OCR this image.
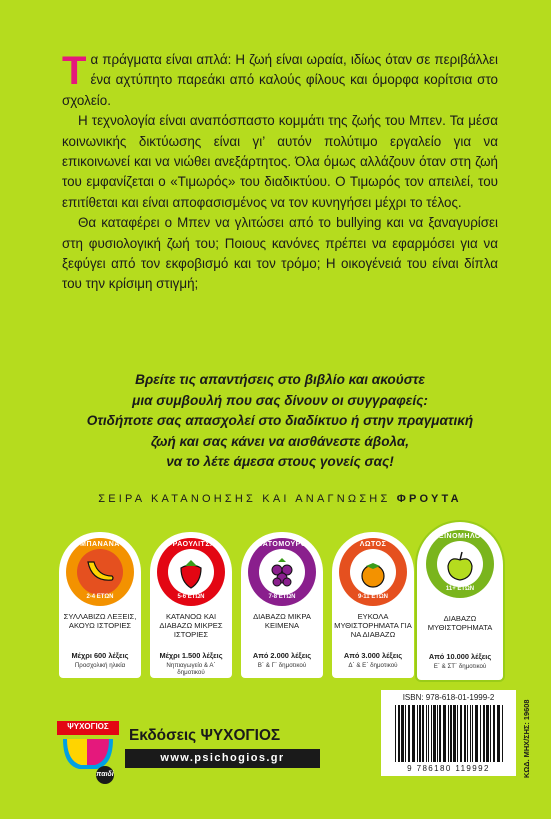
Τα πράγματα είναι απλά: Η ζωή είναι ωραία, ιδίως όταν σε περιβάλλει ένα αχτύπητο παρεάκι από καλούς φίλους και όμορφα κορίτσια στο σχολείο.

Η τεχνολογία είναι αναπόσπαστο κομμάτι της ζωής του Μπεν. Τα μέσα κοινωνικής δικτύωσης είναι γι’ αυτόν πολύτιμο εργαλείο για να επικοινωνεί και να νιώθει ανεξάρτητος. Όλα όμως αλλάζουν όταν στη ζωή του εμφανίζεται ο «Τιμωρός» του διαδικτύου. Ο Τιμωρός τον απειλεί, του επιτίθεται και είναι αποφασισμένος να τον κυνηγήσει μέχρι το τέλος.

Θα καταφέρει ο Μπεν να γλιτώσει από το bullying και να ξαναγυρίσει στη φυσιολογική ζωή του; Ποιους κανόνες πρέπει να εφαρμόσει για να ξεφύγει από τον εκφοβισμό και τον τρόμο; Η οικογένειά του είναι δίπλα του την κρίσιμη στιγμή;

Βρείτε τις απαντήσεις στο βιβλίο και ακούστε
μια συμβουλή που σας δίνουν οι συγγραφείς:
Οτιδήποτε σας απασχολεί στο διαδίκτυο ή στην πραγματική
ζωή και σας κάνει να αισθάνεστε άβολα,
να το λέτε άμεσα στους γονείς σας!
ΣΕΙΡΑ ΚΑΤΑΝΟΗΣΗΣ ΚΑΙ ΑΝΑΓΝΩΣΗΣ ΦΡΟΥΤΑ
ΜΠΑΝΑΝΑ
2-4 ΕΤΩΝ
ΣΥΛΛΑΒΙΖΩ ΛΕΞΕΙΣ, ΑΚΟΥΩ ΙΣΤΟΡΙΕΣ
Μέχρι 600 λέξεις
Προσχολική ηλικία
ΦΡΑΟΥΛΙΤΣΑ
5-6 ΕΤΩΝ
ΚΑΤΑΝΟΩ ΚΑΙ ΔΙΑΒΑΖΩ ΜΙΚΡΕΣ ΙΣΤΟΡΙΕΣ
Μέχρι 1.500 λέξεις
Νηπιαγωγείο & Α΄ δημοτικού
ΒΑΤΟΜΟΥΡΟ
7-8 ΕΤΩΝ
ΔΙΑΒΑΖΩ ΜΙΚΡΑ ΚΕΙΜΕΝΑ
Από 2.000 λέξεις
Β΄ & Γ΄ δημοτικού
ΛΩΤΟΣ
9-11 ΕΤΩΝ
ΕΥΚΟΛΑ ΜΥΘΙΣΤΟΡΗΜΑΤΑ ΓΙΑ ΝΑ ΔΙΑΒΑΖΩ
Από 3.000 λέξεις
Δ΄ & Ε΄ δημοτικού
ΞΙΝΟΜΗΛΟ
11+ ΕΤΩΝ
ΔΙΑΒΑΖΩ ΜΥΘΙΣΤΟΡΗΜΑΤΑ
Από 10.000 λέξεις
Ε΄ & ΣΤ΄ δημοτικού
ΨΥΧΟΓΙΟΣ
παιδί
Εκδόσεις ΨΥΧΟΓΙΟΣ
www.psichogios.gr
ISBN: 978-618-01-1999-2
9 786180 119992	ΚΩΔ. ΜΗΧ/ΣΗΣ: 19608
